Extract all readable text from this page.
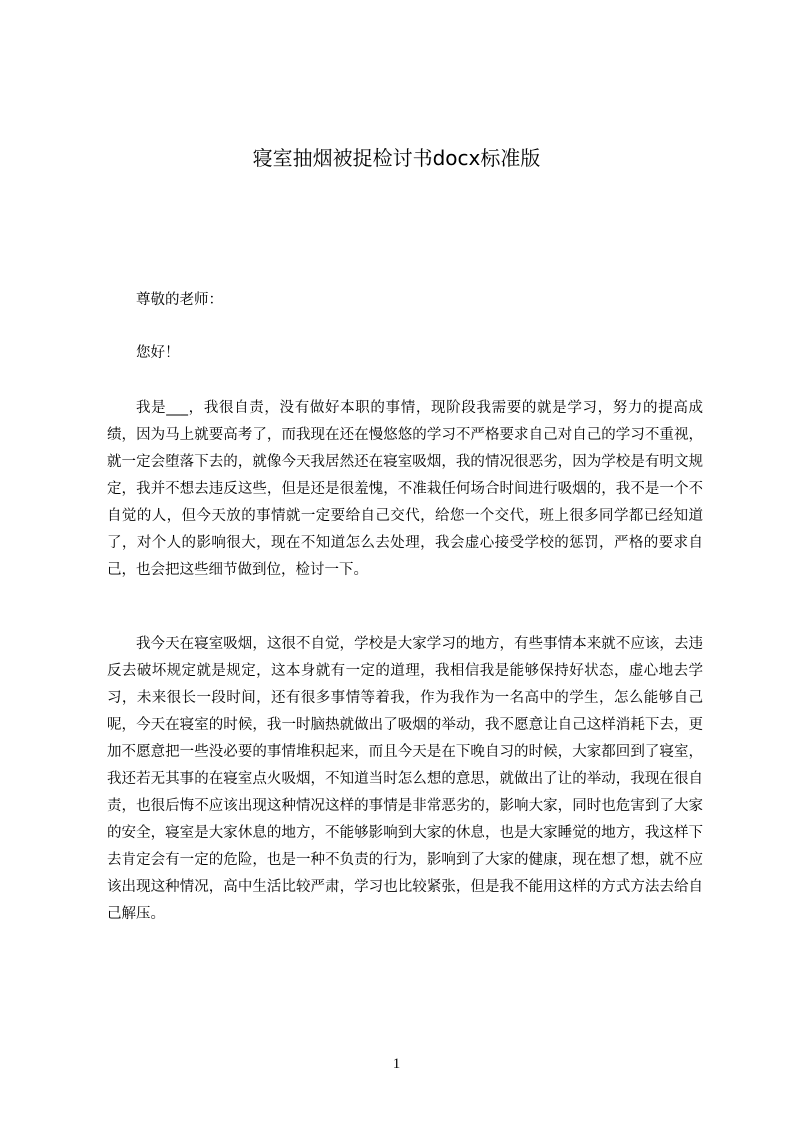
寝室抽烟被捉检讨书docx标准版

尊敬的老师：

您好！

我是___，我很自责，没有做好本职的事情，现阶段我需要的就是学习，努力的提高成绩，因为马上就要高考了，而我现在还在慢悠悠的学习不严格要求自己对自己的学习不重视，就一定会堕落下去的，就像今天我居然还在寝室吸烟，我的情况很恶劣，因为学校是有明文规定，我并不想去违反这些，但是还是很羞愧，不准栽任何场合时间进行吸烟的，我不是一个不自觉的人，但今天放的事情就一定要给自己交代，给您一个交代，班上很多同学都已经知道了，对个人的影响很大，现在不知道怎么去处理，我会虚心接受学校的惩罚，严格的要求自己，也会把这些细节做到位，检讨一下。

我今天在寝室吸烟，这很不自觉，学校是大家学习的地方，有些事情本来就不应该，去违反去破坏规定就是规定，这本身就有一定的道理，我相信我是能够保持好状态，虚心地去学习，未来很长一段时间，还有很多事情等着我，作为我作为一名高中的学生，怎么能够自己呢，今天在寝室的时候，我一时脑热就做出了吸烟的举动，我不愿意让自己这样消耗下去，更加不愿意把一些没必要的事情堆积起来，而且今天是在下晚自习的时候，大家都回到了寝室，我还若无其事的在寝室点火吸烟，不知道当时怎么想的意思，就做出了让的举动，我现在很自责，也很后悔不应该出现这种情况这样的事情是非常恶劣的，影响大家，同时也危害到了大家的安全，寝室是大家休息的地方，不能够影响到大家的休息，也是大家睡觉的地方，我这样下去肯定会有一定的危险，也是一种不负责的行为，影响到了大家的健康，现在想了想，就不应该出现这种情况，高中生活比较严肃，学习也比较紧张，但是我不能用这样的方式方法去给自己解压。

1
